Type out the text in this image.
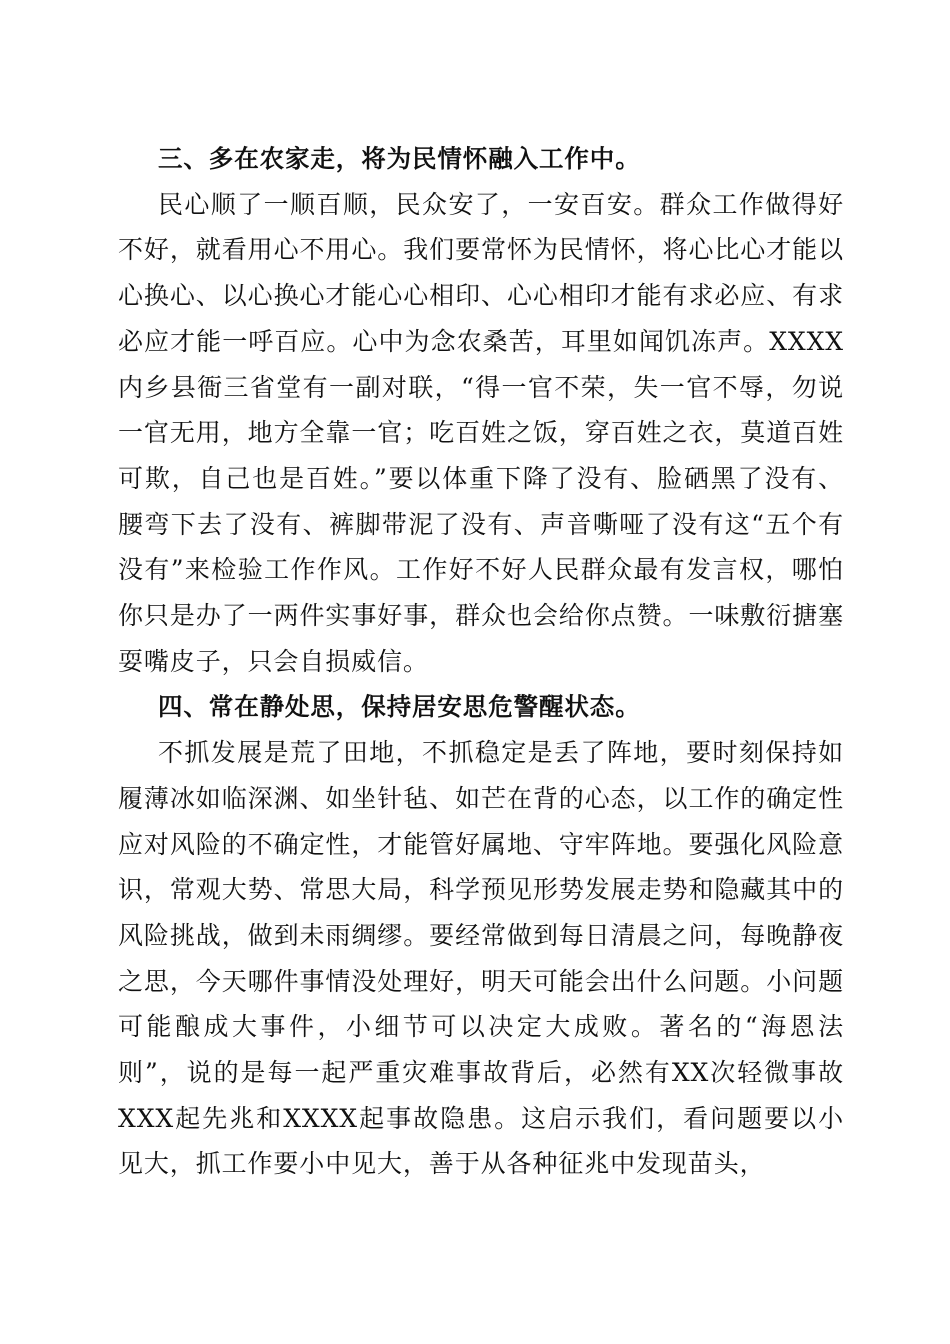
三、多在农家走，将为民情怀融入工作中。

民心顺了一顺百顺，民众安了，一安百安。群众工作做得好不好，就看用心不用心。我们要常怀为民情怀，将心比心才能以心换心、以心换心才能心心相印、心心相印才能有求必应、有求必应才能一呼百应。心中为念农桑苦，耳里如闻饥冻声。XXXX内乡县衙三省堂有一副对联，“得一官不荣，失一官不辱，勿说一官无用，地方全靠一官；吃百姓之饭，穿百姓之衣，莫道百姓可欺，自己也是百姓。”要以体重下降了没有、脸硒黑了没有、腰弯下去了没有、裤脚带泥了没有、声音嘶哑了没有这“五个有没有”来检验工作作风。工作好不好人民群众最有发言权，哪怕你只是办了一两件实事好事，群众也会给你点赞。一味敷衍搪塞耍嘴皮子，只会自损威信。

四、常在静处思，保持居安思危警醒状态。

不抓发展是荒了田地，不抓稳定是丢了阵地，要时刻保持如履薄冰如临深渊、如坐针毡、如芒在背的心态，以工作的确定性应对风险的不确定性，才能管好属地、守牢阵地。要强化风险意识，常观大势、常思大局，科学预见形势发展走势和隐藏其中的风险挑战，做到未雨绸缪。要经常做到每日清晨之问，每晚静夜之思，今天哪件事情没处理好，明天可能会出什么问题。小问题可能酿成大事件，小细节可以决定大成败。著名的“海恩法则”，说的是每一起严重灾难事故背后，必然有XX次轻微事故XXX起先兆和XXXX起事故隐患。这启示我们，看问题要以小见大，抓工作要小中见大，善于从各种征兆中发现苗头，
